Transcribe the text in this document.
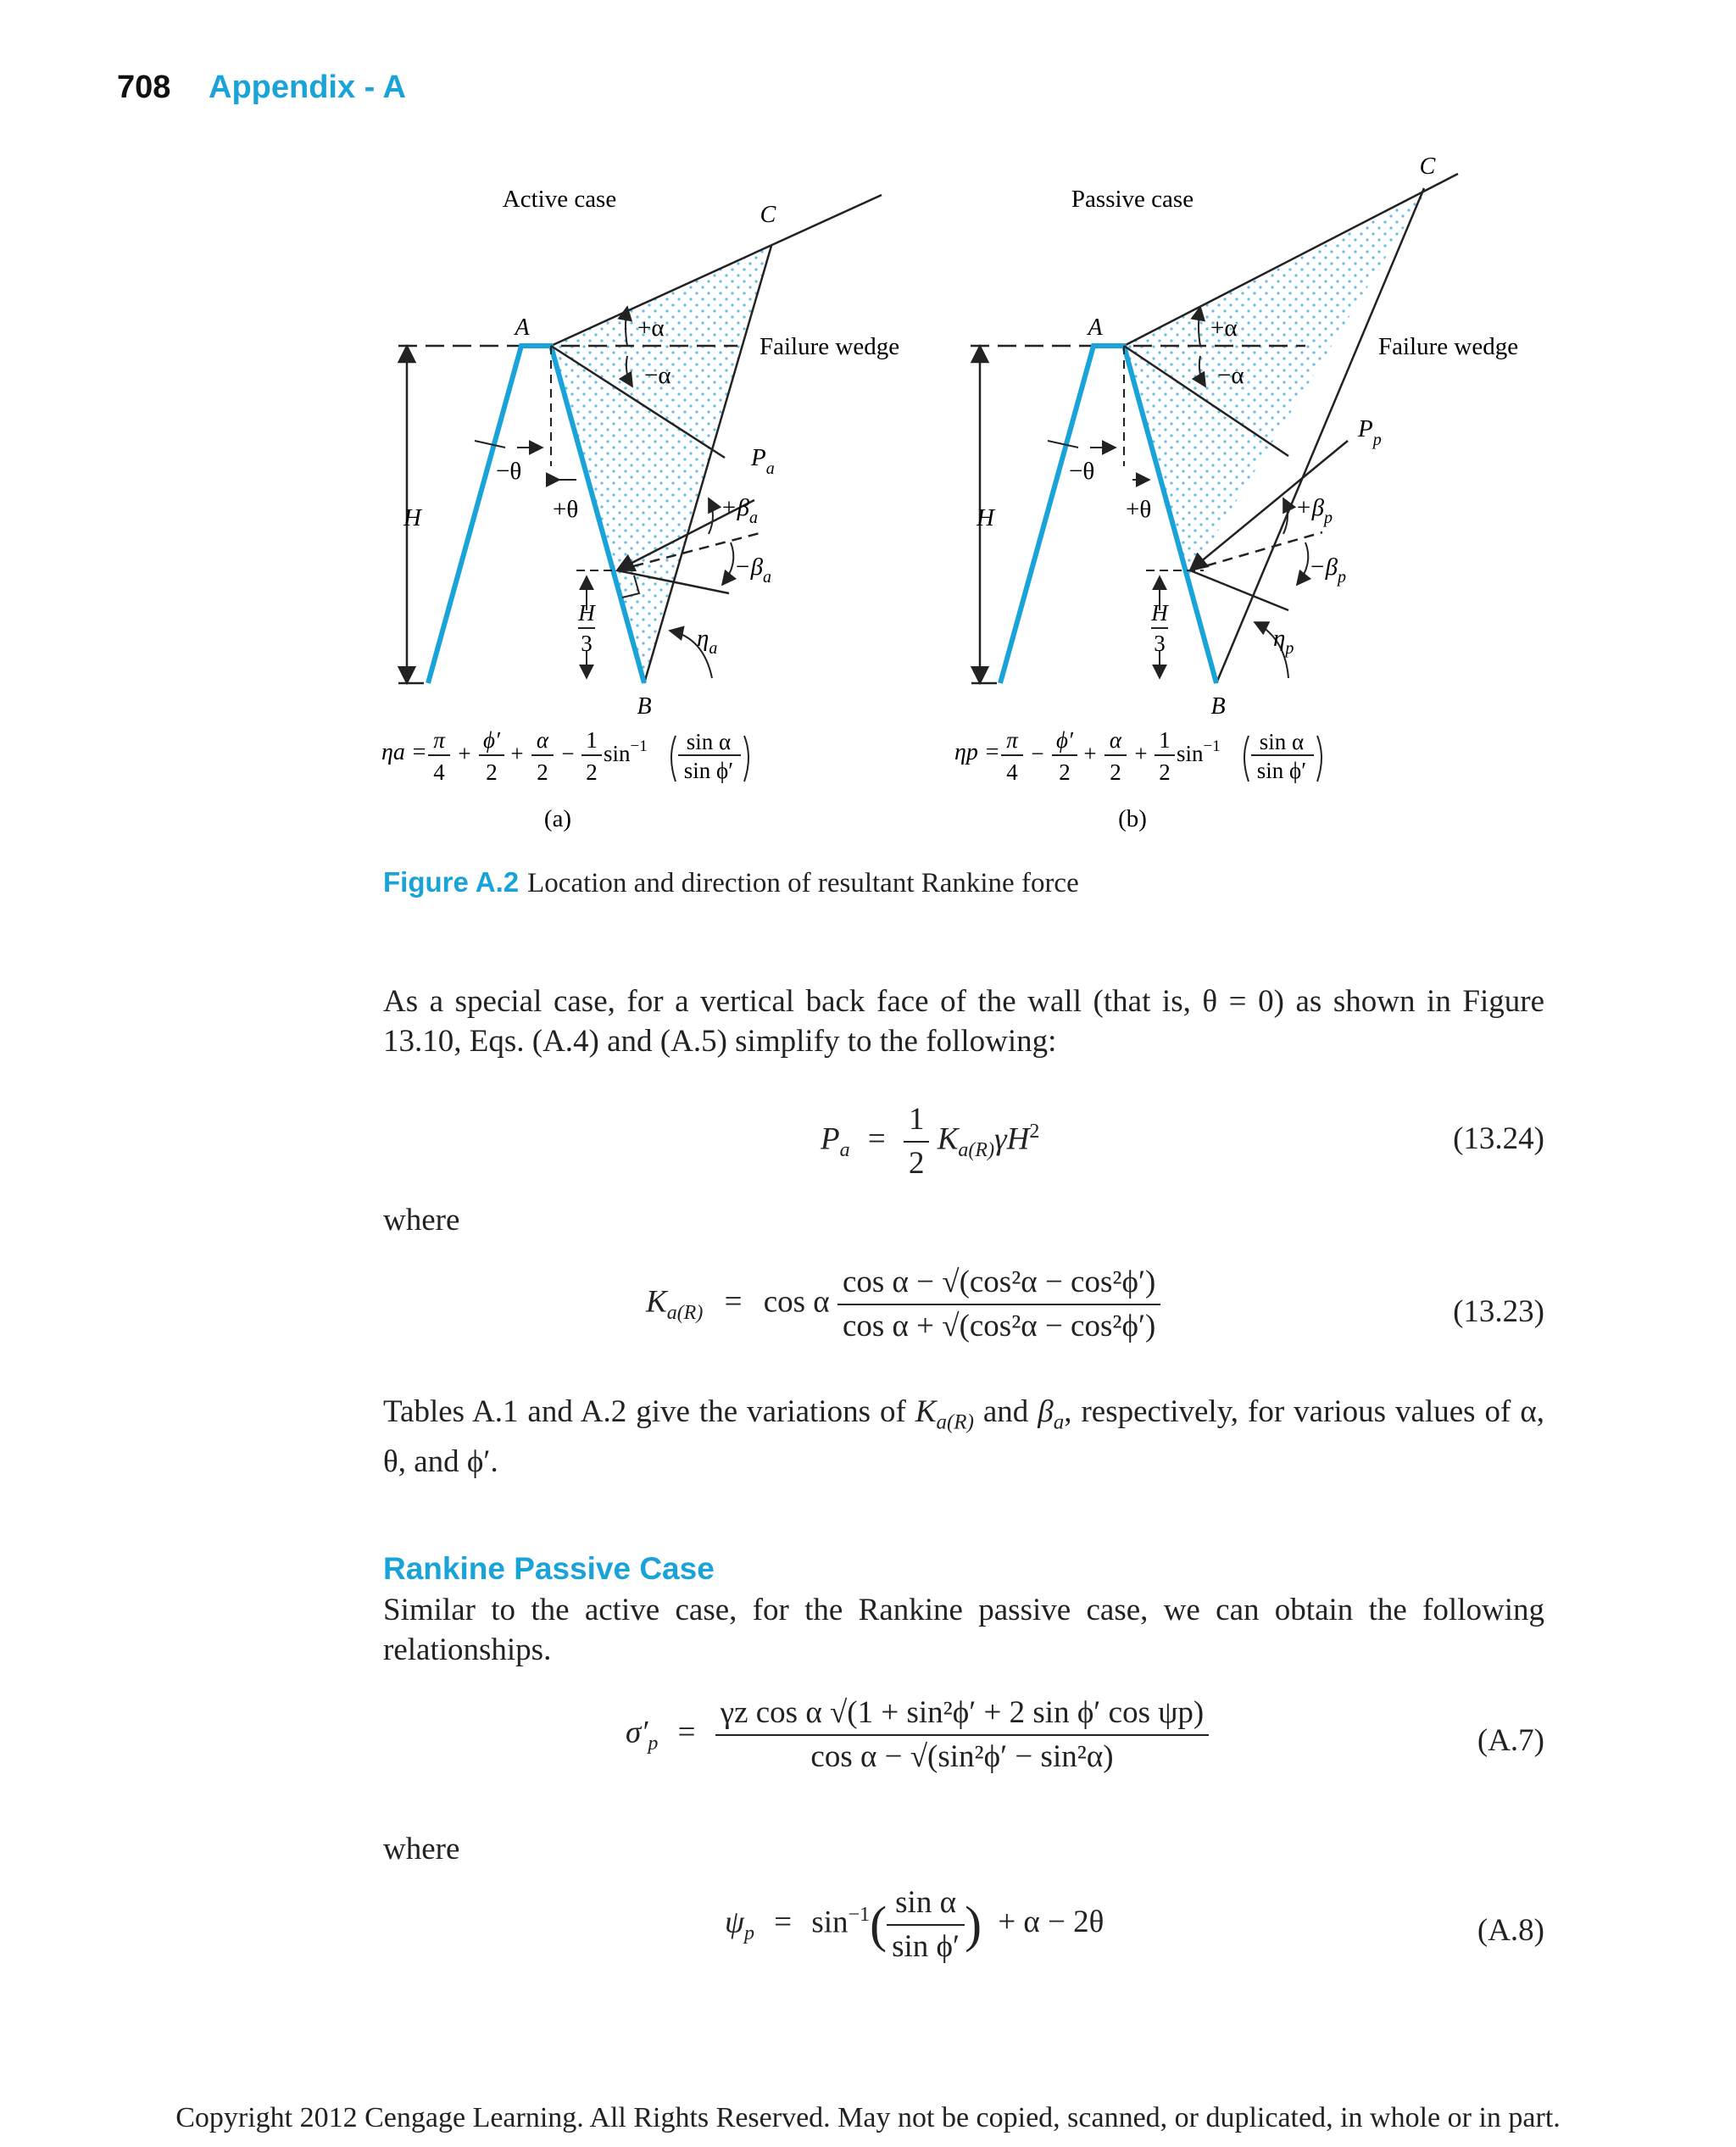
708 Appendix - A
Active case
A
B
C
Failure wedge
+α
−α
−θ
+θ
H
$P_a$
$+\beta_a$
$-\beta_a$
H
3	$\eta_a$
(a)
ηa = π
4
+
ϕ′
2
+
α
2
−
1
2
$\sin^{-1} \sin \alpha$
sin ϕ′
Passive case
A
B
C
Failure wedge
+α
−α
−θ
+θ
H
$P_p$
$+\beta_p$
$-\beta_p$
H
3	$\eta_p$
(b)
ηp = π
4
−
ϕ′
2
+
α
2
+
1
2
$\sin^{-1} \sin \alpha$
sin ϕ′
Figure A.2 Location and direction of resultant Rankine force
As a special case, for a vertical back face of the wall (that is, θ = 0) as shown in Figure 13.10, Eqs. (A.4) and (A.5) simplify to the following:
$P_a = \frac{1}{2} K_{a(R)}\gamma H^2$	(13.24)
where
$K_{a(R)} = \cos \alpha \frac{\text{cos α − √(cos²α − cos²ϕ′)}}{\text{cos α + √(cos²α − cos²ϕ′)}}$	(13.23)
Tables A.1 and A.2 give the variations of $K_{a(R)}$ and $\beta_a$, respectively, for various values of α, θ, and ϕ′.
Rankine Passive Case
Similar to the active case, for the Rankine passive case, we can obtain the following relationships.
$\sigma'_p = \frac{\text{γz cos α √(1 + sin²ϕ′ + 2 sin ϕ′ cos ψp)}}{\text{cos α − √(sin²ϕ′ − sin²α)}}$	(A.7)
where
$\psi_p = \sin^{-1}( \frac{\text{sin α}}{\text{sin ϕ′}}$ ) + α − 2θ	(A.8)
Copyright 2012 Cengage Learning. All Rights Reserved. May not be copied, scanned, or duplicated, in whole or in part.
